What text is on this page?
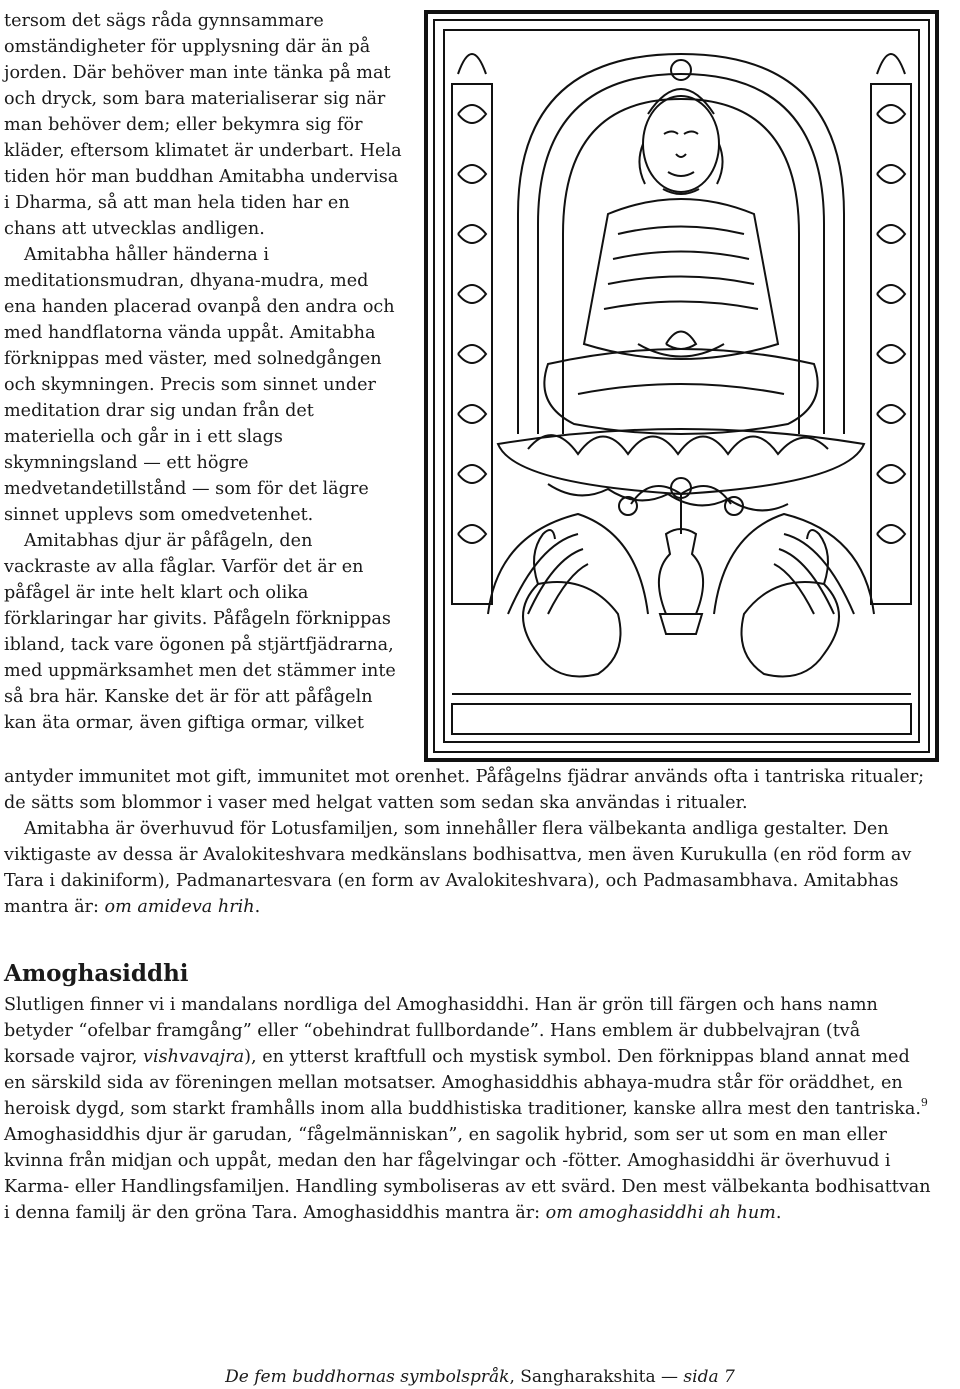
tersom det sägs råda gynnsammare omständigheter för upplysning där än på jorden. Där behöver man inte tänka på mat och dryck, som bara materialiserar sig när man behöver dem; eller bekymra sig för kläder, eftersom klimatet är underbart. Hela tiden hör man buddhan Amitabha undervisa i Dharma, så att man hela tiden har en chans att utvecklas andligen.

Amitabha håller händerna i meditationsmudran, dhyana-mudra, med ena handen placerad ovanpå den andra och med handflatorna vända uppåt. Amitabha förknippas med väster, med solnedgången och skymningen. Precis som sinnet under meditation drar sig undan från det materiella och går in i ett slags skymningsland — ett högre medvetandetillstånd — som för det lägre sinnet upplevs som omedvetenhet.

Amitabhas djur är påfågeln, den vackraste av alla fåglar. Varför det är en påfågel är inte helt klart och olika förklaringar har givits. Påfågeln förknippas ibland, tack vare ögonen på stjärtfjädrarna, med uppmärksamhet men det stämmer inte så bra här. Kanske det är för att påfågeln kan äta ormar, även giftiga ormar, vilket

antyder immunitet mot gift, immunitet mot orenhet. Påfågelns fjädrar används ofta i tantriska ritualer; de sätts som blommor i vaser med helgat vatten som sedan ska användas i ritualer.

Amitabha är överhuvud för Lotusfamiljen, som innehåller flera välbekanta andliga gestalter. Den viktigaste av dessa är Avalokiteshvara medkänslans bodhisattva, men även Kurukulla (en röd form av Tara i dakiniform), Padmanartesvara (en form av Avalokiteshvara), och Padmasambhava. Amitabhas mantra är: om amideva hrih.

Amoghasiddhi

Slutligen finner vi i mandalans nordliga del Amoghasiddhi. Han är grön till färgen och hans namn betyder “ofelbar framgång” eller “obehindrat fullbordande”. Hans emblem är dubbelvajran (två korsade vajror, vishvavajra), en ytterst kraftfull och mystisk symbol. Den förknippas bland annat med en särskild sida av föreningen mellan motsatser. Amoghasiddhis abhaya-mudra står för oräddhet, en heroisk dygd, som starkt framhålls inom alla buddhistiska traditioner, kanske allra mest den tantriska.$^9$ Amoghasiddhis djur är garudan, “fågelmänniskan”, en sagolik hybrid, som ser ut som en man eller kvinna från midjan och uppåt, medan den har fågelvingar och -fötter. Amoghasiddhi är överhuvud i Karma- eller Handlingsfamiljen. Handling symboliseras av ett svärd. Den mest välbekanta bodhisattvan i denna familj är den gröna Tara. Amoghasiddhis mantra är: om amoghasiddhi ah hum.

De fem buddhornas symbolspråk, Sangharakshita — sida 7
